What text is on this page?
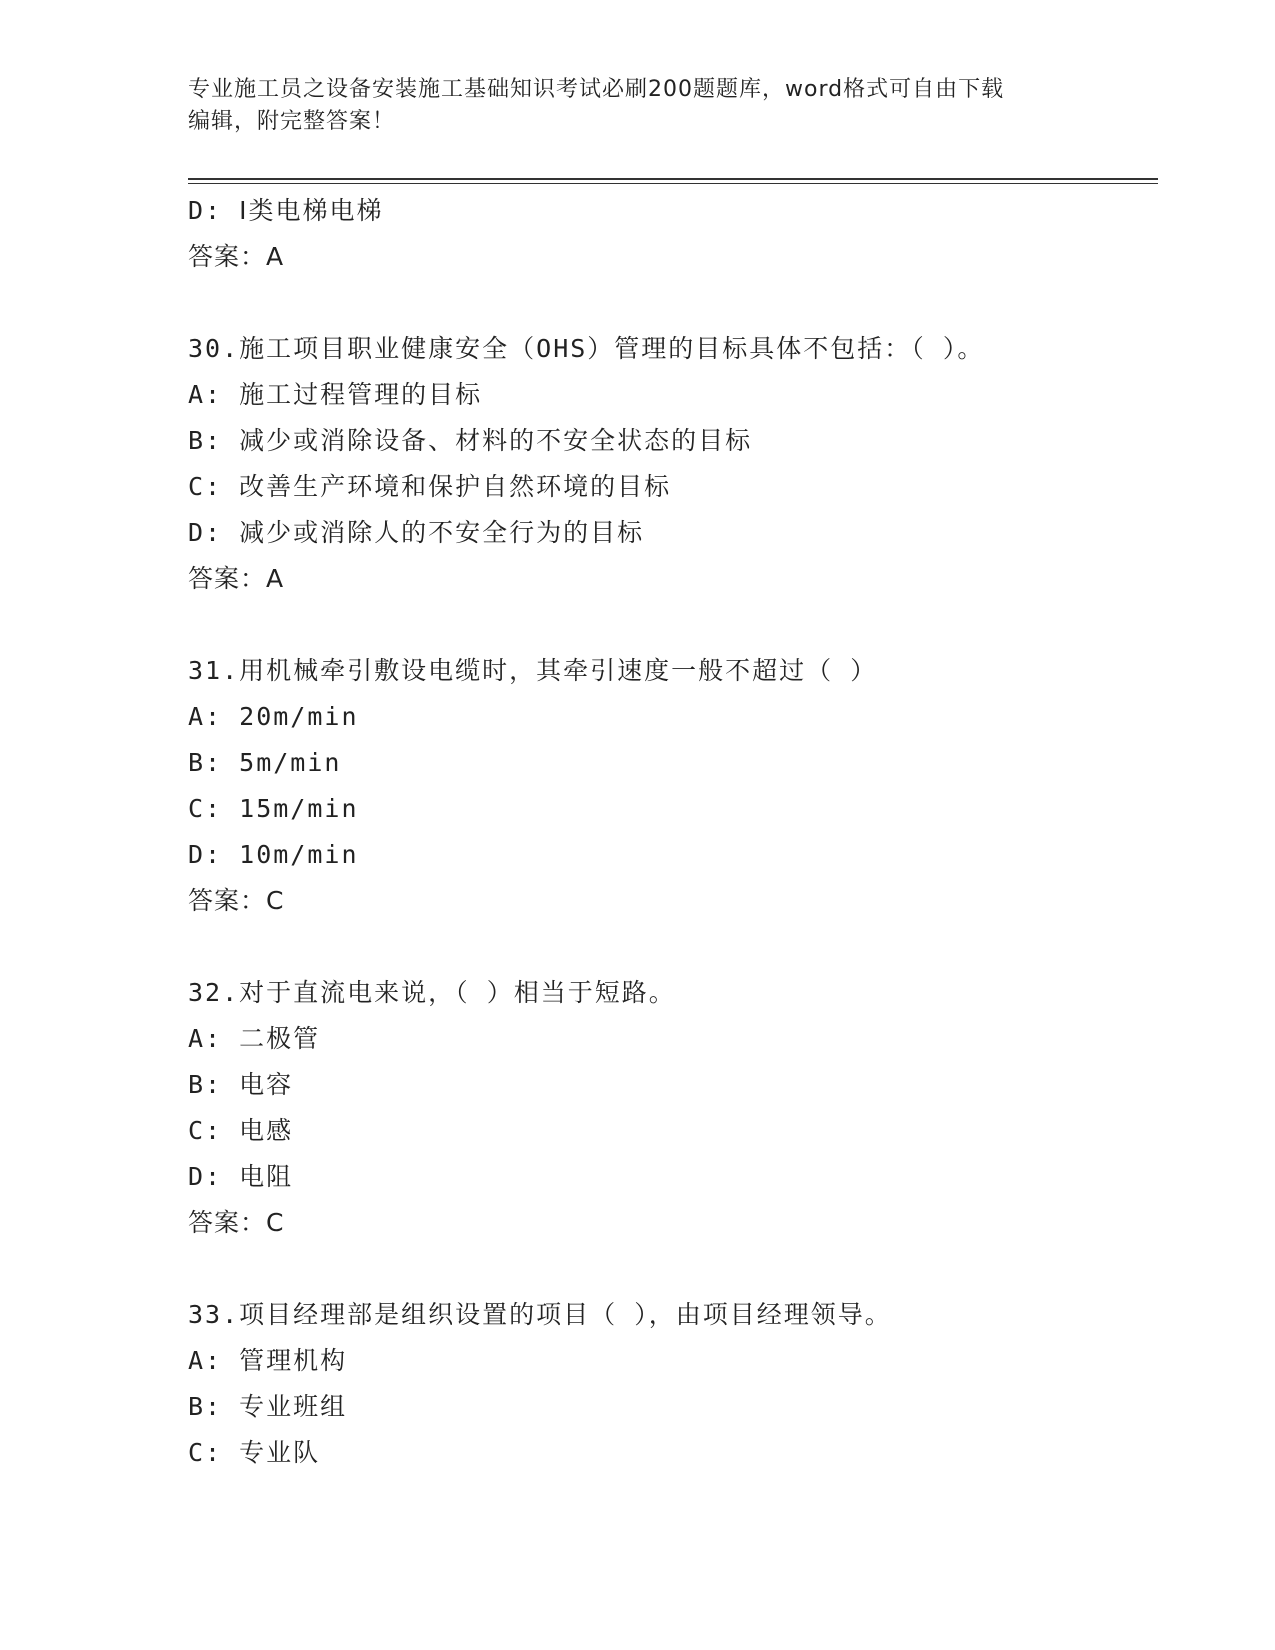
专业施工员之设备安装施工基础知识考试必刷200题题库，word格式可自由下载
编辑，附完整答案！
D: Ⅰ类电梯电梯
答案：A
30.施工项目职业健康安全（OHS）管理的目标具体不包括：（ ）。
A: 施工过程管理的目标
B: 减少或消除设备、材料的不安全状态的目标
C: 改善生产环境和保护自然环境的目标
D: 减少或消除人的不安全行为的目标
答案：A
31.用机械牵引敷设电缆时，其牵引速度一般不超过（ ）
A: 20m/min
B: 5m/min
C: 15m/min
D: 10m/min
答案：C
32.对于直流电来说，（ ）相当于短路。
A: 二极管
B: 电容
C: 电感
D: 电阻
答案：C
33.项目经理部是组织设置的项目（ ），由项目经理领导。
A: 管理机构
B: 专业班组
C: 专业队
